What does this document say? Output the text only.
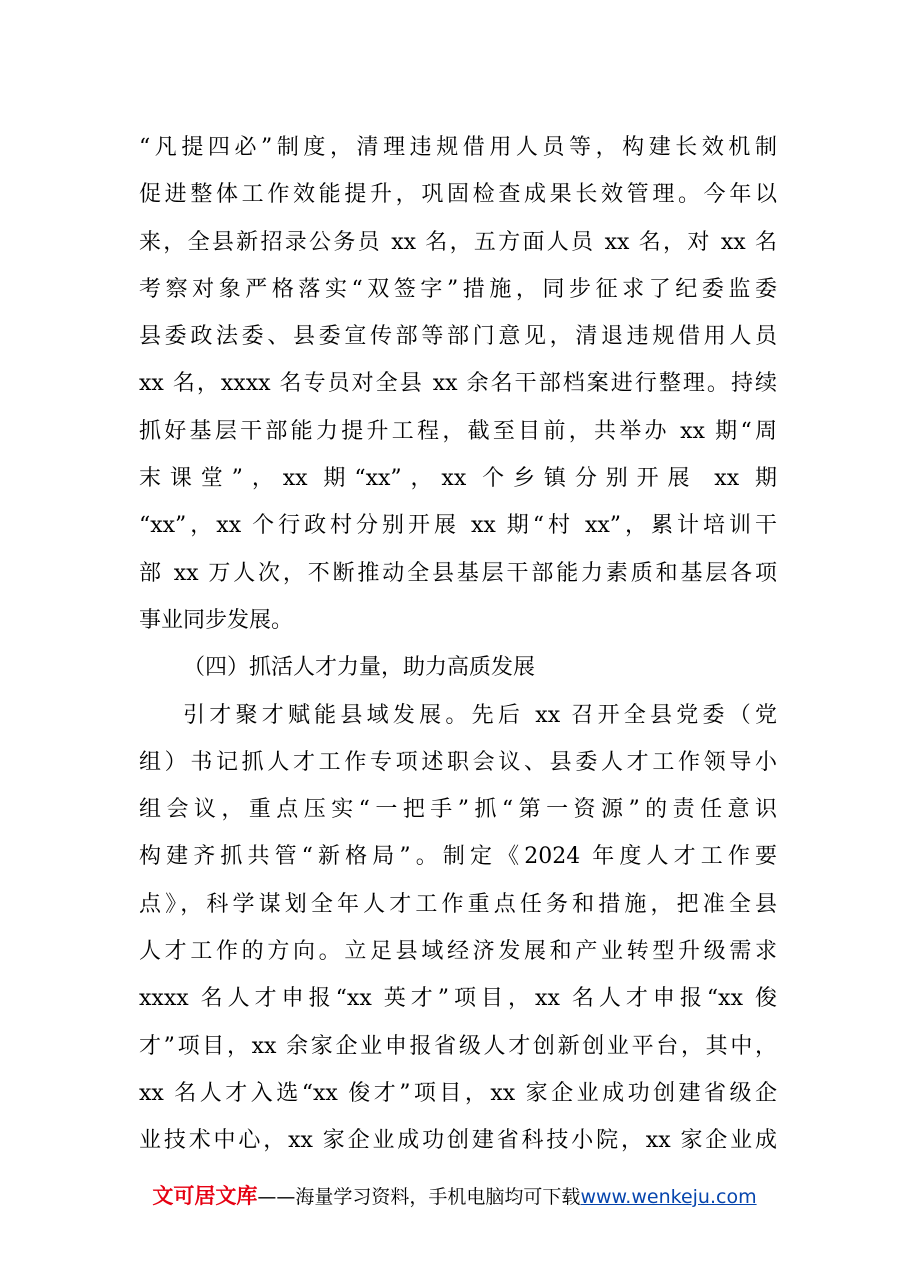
“凡提四必”制度，清理违规借用人员等，构建长效机制
促进整体工作效能提升，巩固检查成果长效管理。今年以
来，全县新招录公务员 xx 名，五方面人员 xx 名，对 xx 名
考察对象严格落实“双签字”措施，同步征求了纪委监委
县委政法委、县委宣传部等部门意见，清退违规借用人员
xx 名，xxxx 名专员对全县 xx 余名干部档案进行整理。持续
抓好基层干部能力提升工程，截至目前，共举办 xx 期“周
末课堂”，xx 期“xx”，xx 个乡镇分别开展 xx 期
“xx”，xx 个行政村分别开展 xx 期“村 xx”，累计培训干
部 xx 万人次，不断推动全县基层干部能力素质和基层各项
事业同步发展。
（四）抓活人才力量，助力高质发展
引才聚才赋能县域发展。先后 xx 召开全县党委（党
组）书记抓人才工作专项述职会议、县委人才工作领导小
组会议，重点压实“一把手”抓“第一资源”的责任意识
构建齐抓共管“新格局”。制定《2024 年度人才工作要
点》，科学谋划全年人才工作重点任务和措施，把准全县
人才工作的方向。立足县域经济发展和产业转型升级需求
xxxx 名人才申报“xx 英才”项目，xx 名人才申报“xx 俊
才”项目，xx 余家企业申报省级人才创新创业平台，其中，
xx 名人才入选“xx 俊才”项目，xx 家企业成功创建省级企
业技术中心，xx 家企业成功创建省科技小院，xx 家企业成
文可居文库——海量学习资料，手机电脑均可下载www.wenkeju.com
